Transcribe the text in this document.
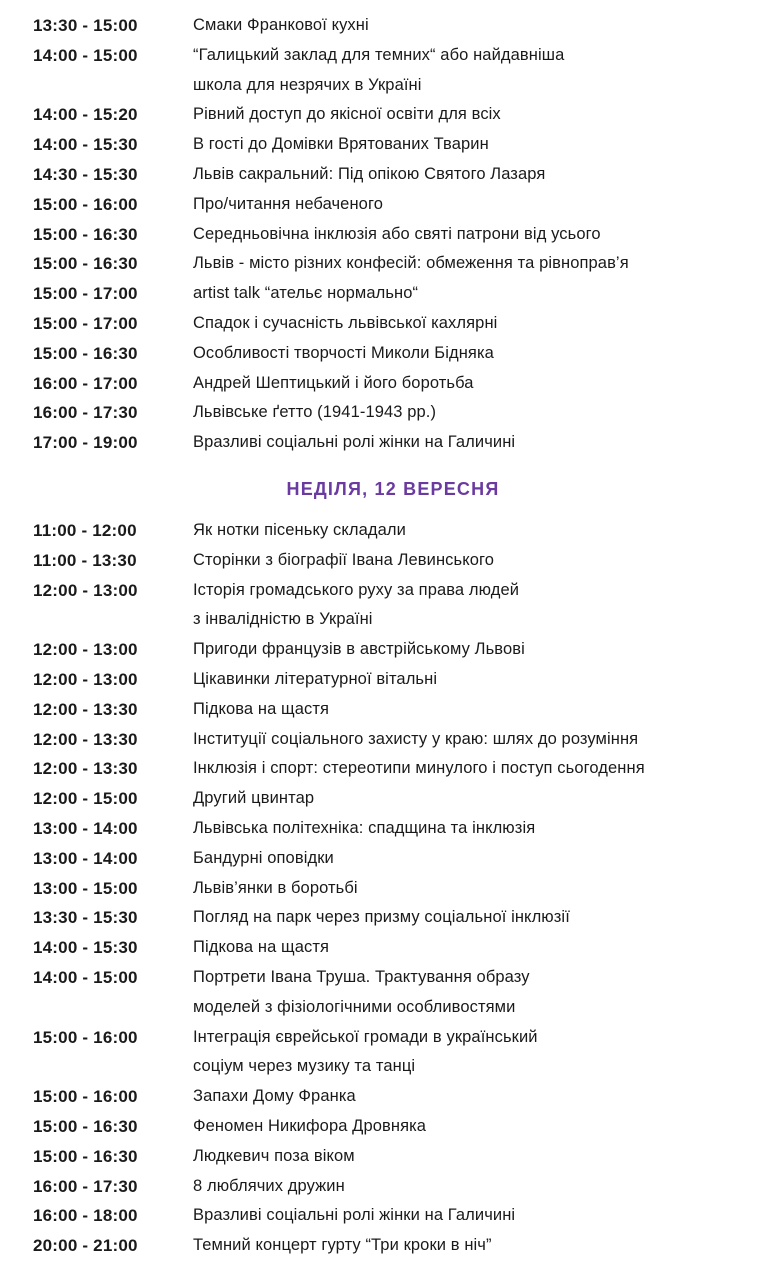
13:30 - 15:00	Смаки Франкової кухні
14:00 - 15:00	“Галицький заклад для темних“ або найдавніша
школа для незрячих в Україні
14:00 - 15:20	Рівний доступ до якісної освіти для всіх
14:00 - 15:30	В гості до Домівки Врятованих Тварин
14:30 - 15:30	Львів сакральний: Під опікою Святого Лазаря
15:00 - 16:00	Про/читання небаченого
15:00 - 16:30	Середньовічна інклюзія або святі патрони від усього
15:00 - 16:30	Львів - місто різних конфесій: обмеження та рівноправ’я
15:00 - 17:00	artist talk “ательє нормально“
15:00 - 17:00	Спадок і сучасність львівської кахлярні
15:00 - 16:30	Особливості творчості Миколи Бідняка
16:00 - 17:00	Андрей Шептицький і його боротьба
16:00 - 17:30	Львівське ґетто (1941-1943 рр.)
17:00 - 19:00	Вразливі соціальні ролі жінки на Галичині
НЕДІЛЯ, 12 ВЕРЕСНЯ
11:00 - 12:00	Як нотки пісеньку складали
11:00 - 13:30	Сторінки з біографії Івана Левинського
12:00 - 13:00	Історія громадського руху за права людей
з інвалідністю в Україні
12:00 - 13:00	Пригоди французів в австрійському Львові
12:00 - 13:00	Цікавинки літературної вітальні
12:00 - 13:30	Підкова на щастя
12:00 - 13:30	Інституції соціального захисту у краю: шлях до розуміння
12:00 - 13:30	Інклюзія і спорт: стереотипи минулого і поступ сьогодення
12:00 - 15:00	Другий цвинтар
13:00 - 14:00	Львівська політехніка: спадщина та інклюзія
13:00 - 14:00	Бандурні оповідки
13:00 - 15:00	Львів’янки в боротьбі
13:30 - 15:30	Погляд на парк через призму соціальної інклюзії
14:00 - 15:30	Підкова на щастя
14:00 - 15:00	Портрети Івана Труша. Трактування образу
моделей з фізіологічними особливостями
15:00 - 16:00	Інтеграція єврейської громади в український
соціум через музику та танці
15:00 - 16:00	Запахи Дому Франка
15:00 - 16:30	Феномен Никифора Дровняка
15:00 - 16:30	Людкевич поза віком
16:00 - 17:30	8 люблячих дружин
16:00 - 18:00	Вразливі соціальні ролі жінки на Галичині
20:00 - 21:00	Темний концерт гурту “Три кроки в ніч”
